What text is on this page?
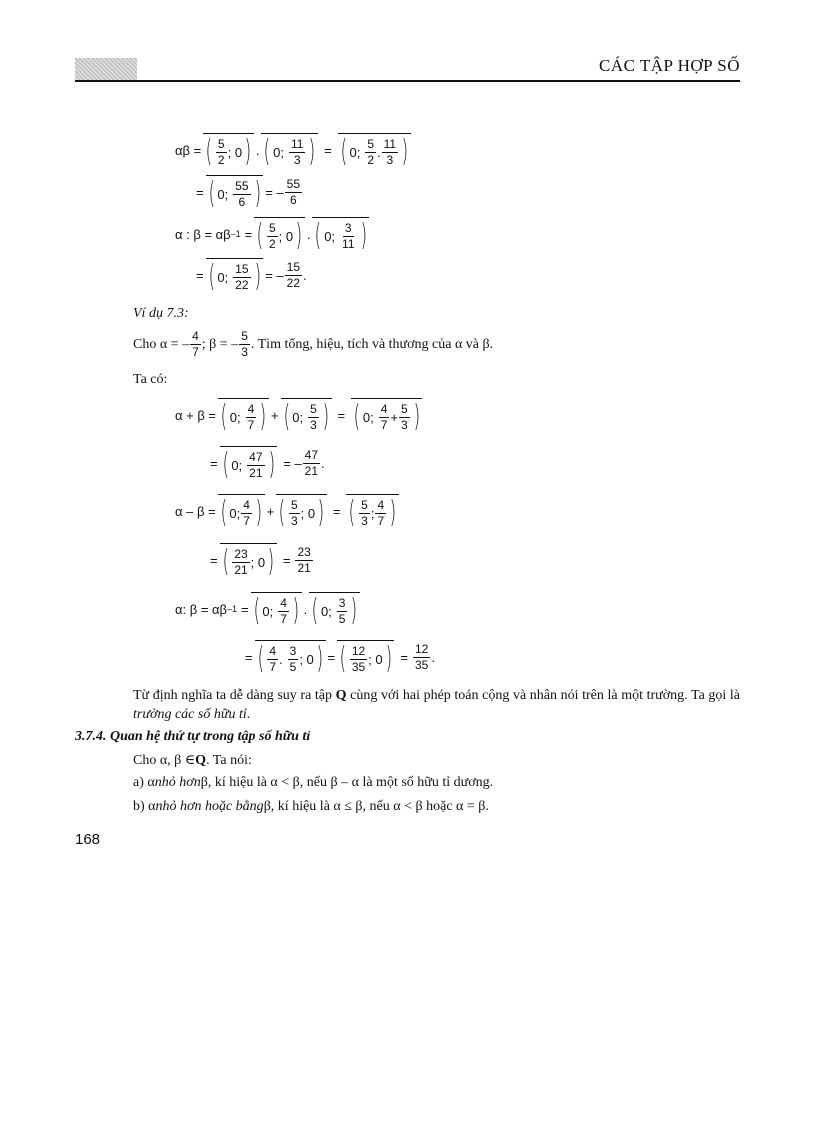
CÁC TẬP HỢP SỐ
αβ = ( $\frac{5}{2}$ ; 0 ) . ( 0; $\frac{11}{3}$ ) = ( 0; $\frac{5}{2}$ . $\frac{11}{3}$ )
= ( 0; $\frac{55}{6}$ ) = – $\frac{55}{6}$
α : β = αβ –1 = ( $\frac{5}{2}$ ; 0 ) . ( 0; $\frac{3}{11}$ )
= ( 0; $\frac{15}{22}$ ) = – $\frac{15}{22}$ .
Ví dụ 7.3:
Cho α = – $\frac{4}{7}$ ; β = – $\frac{5}{3}$ . Tìm tổng, hiệu, tích và thương của α và β.
Ta có:
α + β = ( 0; $\frac{4}{7}$ ) + ( 0; $\frac{5}{3}$ ) = ( 0; $\frac{4}{7} + \frac{5}{3}$ )
= ( 0; $\frac{47}{21}$ ) = – $\frac{47}{21}$ .
α – β = ( 0; $\frac{4}{7}$ ) + ( $\frac{5}{3}$ ; 0 ) = ( $\frac{5}{3}$ ; $\frac{4}{7}$ )
= ( $\frac{23}{21}$ ; 0 ) = $\frac{23}{21}$
α: β = αβ –1 = ( 0; $\frac{4}{7}$ ) . ( 0; $\frac{3}{5}$ )
= ( $\frac{4}{7}$ . $\frac{3}{5}$ ; 0 ) = ( $\frac{12}{35}$ ; 0 ) = $\frac{12}{35}$ .
Từ định nghĩa ta dễ dàng suy ra tập Q cùng với hai phép toán cộng và nhân nói trên là một trường. Ta gọi là trường các số hữu tỉ.
3.7.4. Quan hệ thứ tự trong tập số hữu tỉ
Cho α, β ∈ Q . Ta nói:
a) α nhỏ hơn β, kí hiệu là α < β, nếu β – α là một số hữu tỉ dương.
b) α nhỏ hơn hoặc bằng β, kí hiệu là α ≤ β, nếu α < β hoặc α = β.
168
